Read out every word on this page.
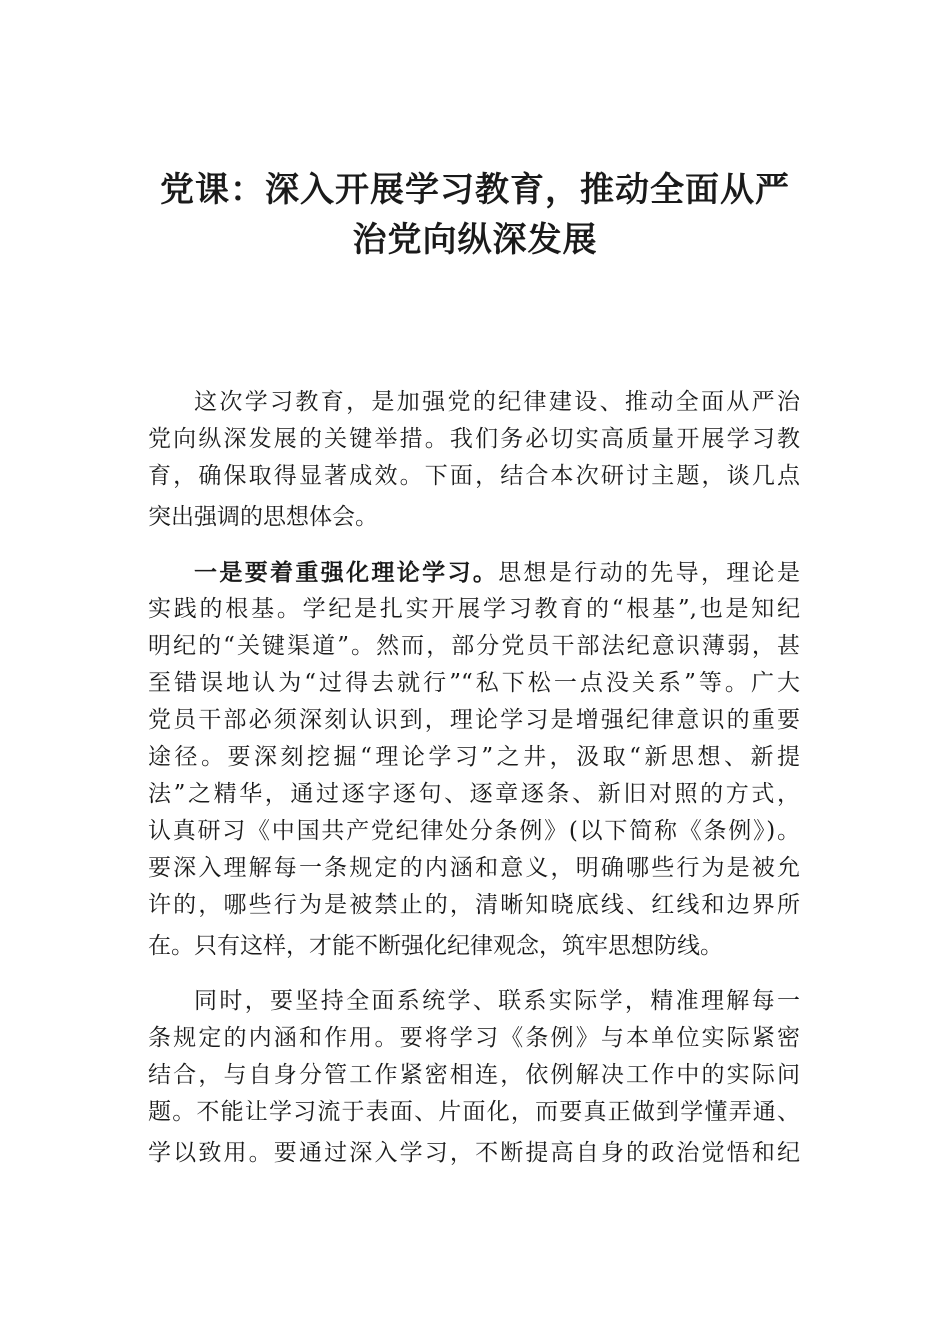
党课：深入开展学习教育，推动全面从严
治党向纵深发展
这次学习教育，是加强党的纪律建设、推动全面从严治
党向纵深发展的关键举措。我们务必切实高质量开展学习教
育，确保取得显著成效。下面，结合本次研讨主题，谈几点
突出强调的思想体会。
一是要着重强化理论学习。思想是行动的先导，理论是
实践的根基。学纪是扎实开展学习教育的“根基”,也是知纪
明纪的“关键渠道”。然而，部分党员干部法纪意识薄弱，甚
至错误地认为“过得去就行”“私下松一点没关系”等。广大
党员干部必须深刻认识到，理论学习是增强纪律意识的重要
途径。要深刻挖掘“理论学习”之井，汲取“新思想、新提
法”之精华，通过逐字逐句、逐章逐条、新旧对照的方式，
认真研习《中国共产党纪律处分条例》(以下简称《条例》)。
要深入理解每一条规定的内涵和意义，明确哪些行为是被允
许的，哪些行为是被禁止的，清晰知晓底线、红线和边界所
在。只有这样，才能不断强化纪律观念，筑牢思想防线。
同时，要坚持全面系统学、联系实际学，精准理解每一
条规定的内涵和作用。要将学习《条例》与本单位实际紧密
结合，与自身分管工作紧密相连，依例解决工作中的实际问
题。不能让学习流于表面、片面化，而要真正做到学懂弄通、
学以致用。要通过深入学习，不断提高自身的政治觉悟和纪
